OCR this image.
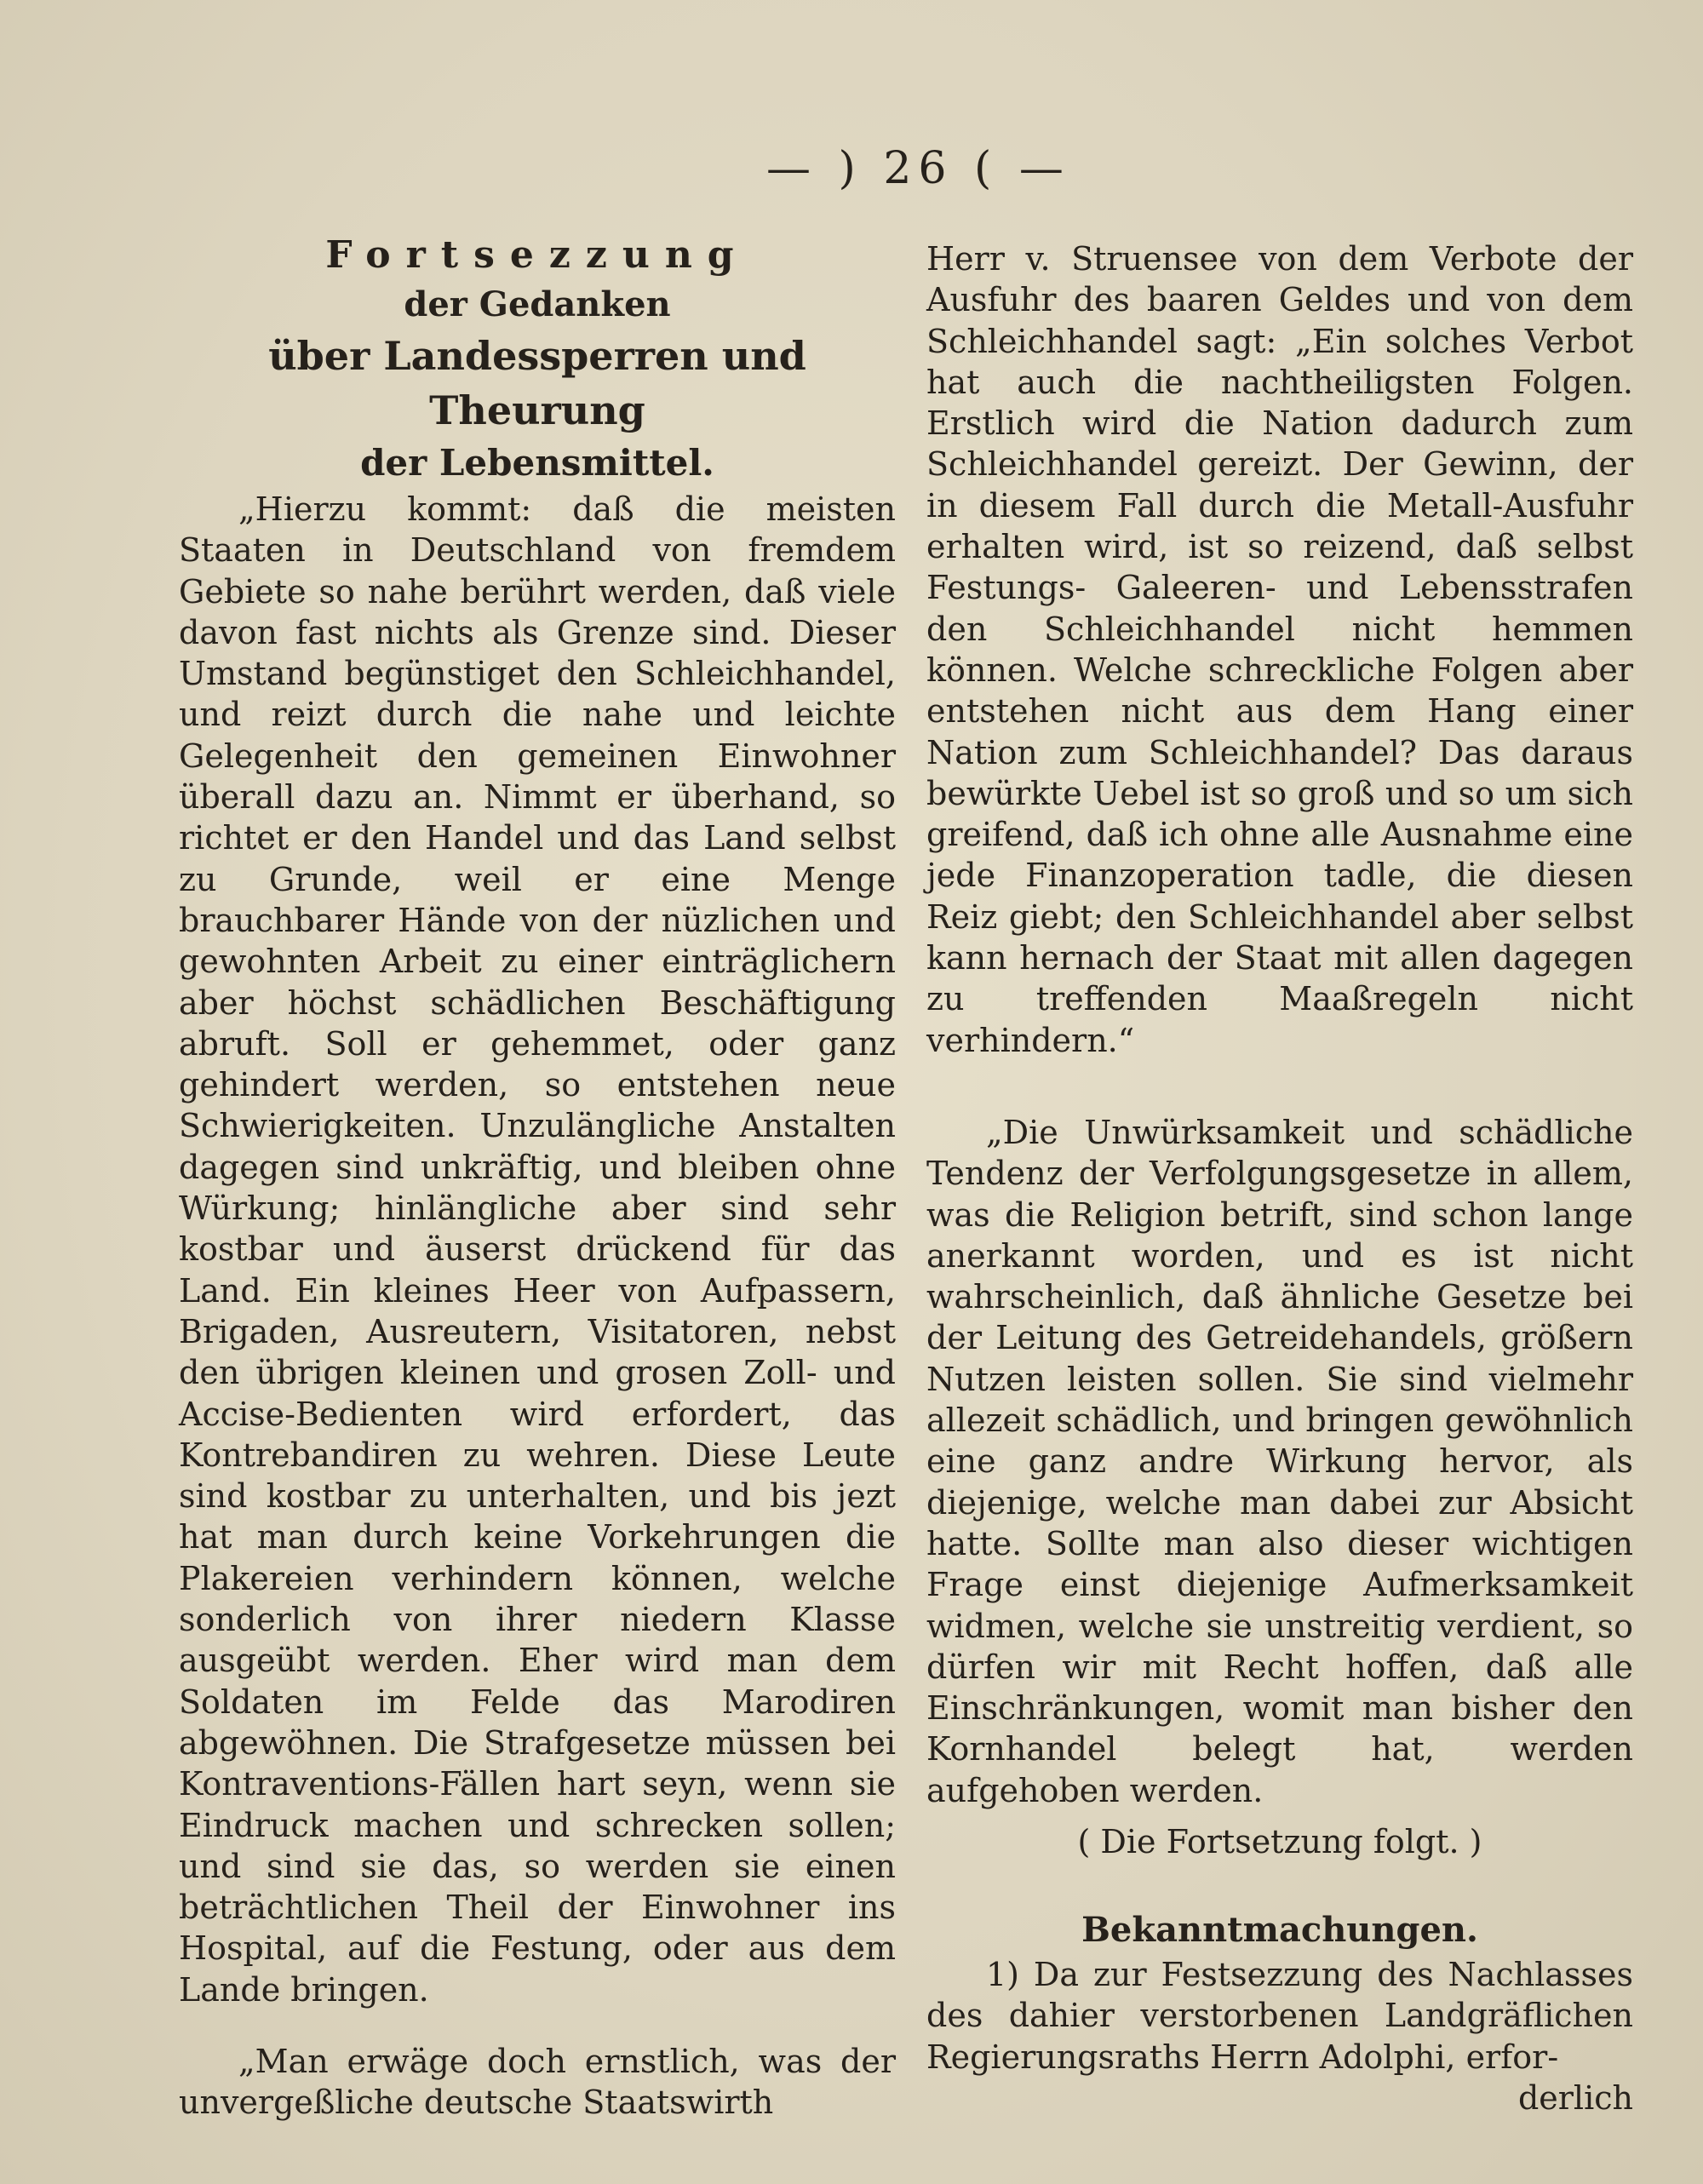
— ) 26 ( —
Fortsezzung
der Gedanken
über Landessperren und Theurung
der Lebensmittel.

„Hierzu kommt: daß die meisten Staaten in Deutschland von fremdem Gebiete so nahe berührt werden, daß viele davon fast nichts als Grenze sind. Dieser Umstand begünstiget den Schleichhandel, und reizt durch die nahe und leichte Gelegenheit den gemeinen Einwohner überall dazu an. Nimmt er überhand, so richtet er den Handel und das Land selbst zu Grunde, weil er eine Menge brauchbarer Hände von der nüzlichen und gewohnten Arbeit zu einer einträglichern aber höchst schädlichen Beschäftigung abruft. Soll er gehemmet, oder ganz gehindert werden, so entstehen neue Schwierigkeiten. Unzulängliche Anstalten dagegen sind unkräftig, und bleiben ohne Würkung; hinlängliche aber sind sehr kostbar und äuserst drückend für das Land. Ein kleines Heer von Aufpassern, Brigaden, Ausreutern, Visitatoren, nebst den übrigen kleinen und grosen Zoll- und Accise-Bedienten wird erfordert, das Kontrebandiren zu wehren. Diese Leute sind kostbar zu unterhalten, und bis jezt hat man durch keine Vorkehrungen die Plakereien verhindern können, welche sonderlich von ihrer niedern Klasse ausgeübt werden. Eher wird man dem Soldaten im Felde das Marodiren abgewöhnen. Die Strafgesetze müssen bei Kontraventions-Fällen hart seyn, wenn sie Eindruck machen und schrecken sollen; und sind sie das, so werden sie einen beträchtlichen Theil der Einwohner ins Hospital, auf die Festung, oder aus dem Lande bringen.

„Man erwäge doch ernstlich, was der unvergeßliche deutsche Staatswirth

Herr v. Struensee von dem Verbote der Ausfuhr des baaren Geldes und von dem Schleichhandel sagt: „Ein solches Verbot hat auch die nachtheiligsten Folgen. Erstlich wird die Nation dadurch zum Schleichhandel gereizt. Der Gewinn, der in diesem Fall durch die Metall-Ausfuhr erhalten wird, ist so reizend, daß selbst Festungs- Galeeren- und Lebensstrafen den Schleichhandel nicht hemmen können. Welche schreckliche Folgen aber entstehen nicht aus dem Hang einer Nation zum Schleichhandel? Das daraus bewürkte Uebel ist so groß und so um sich greifend, daß ich ohne alle Ausnahme eine jede Finanzoperation tadle, die diesen Reiz giebt; den Schleichhandel aber selbst kann hernach der Staat mit allen dagegen zu treffenden Maaßregeln nicht verhindern.“

„Die Unwürksamkeit und schädliche Tendenz der Verfolgungsgesetze in allem, was die Religion betrift, sind schon lange anerkannt worden, und es ist nicht wahrscheinlich, daß ähnliche Gesetze bei der Leitung des Getreidehandels, größern Nutzen leisten sollen. Sie sind vielmehr allezeit schädlich, und bringen gewöhnlich eine ganz andre Wirkung hervor, als diejenige, welche man dabei zur Absicht hatte. Sollte man also dieser wichtigen Frage einst diejenige Aufmerksamkeit widmen, welche sie unstreitig verdient, so dürfen wir mit Recht hoffen, daß alle Einschränkungen, womit man bisher den Kornhandel belegt hat, werden aufgehoben werden.

( Die Fortsetzung folgt. )
Bekanntmachungen.

1) Da zur Festsezzung des Nachlasses des dahier verstorbenen Landgräflichen Regierungsraths Herrn Adolphi, erfor-

derlich
